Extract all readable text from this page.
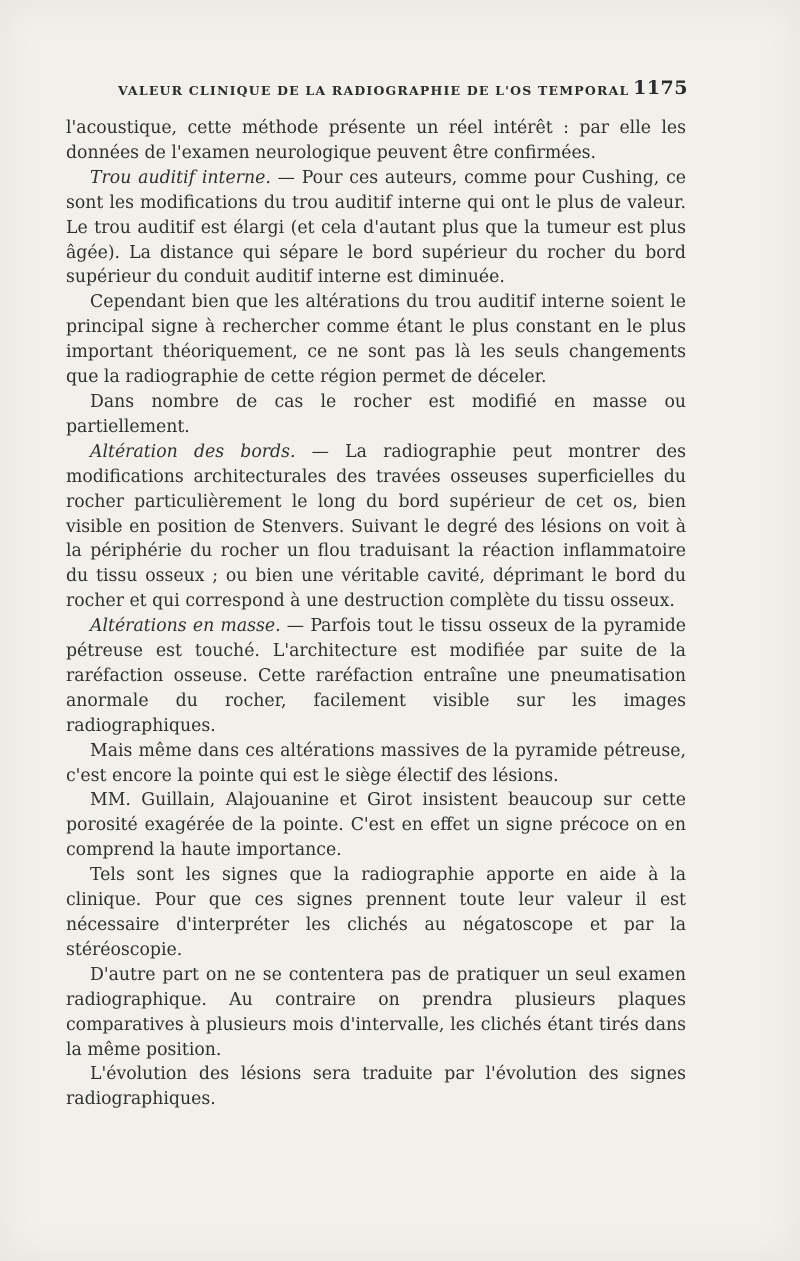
VALEUR CLINIQUE DE LA RADIOGRAPHIE DE L'OS TEMPORAL 1175

l'acoustique, cette méthode présente un réel intérêt : par elle les données de l'examen neurologique peuvent être confirmées.

Trou auditif interne. — Pour ces auteurs, comme pour Cushing, ce sont les modifications du trou auditif interne qui ont le plus de valeur. Le trou auditif est élargi (et cela d'autant plus que la tumeur est plus âgée). La distance qui sépare le bord supérieur du rocher du bord supérieur du conduit auditif interne est diminuée.

Cependant bien que les altérations du trou auditif interne soient le principal signe à rechercher comme étant le plus constant en le plus important théoriquement, ce ne sont pas là les seuls changements que la radiographie de cette région permet de déceler.

Dans nombre de cas le rocher est modifié en masse ou partiellement.

Altération des bords. — La radiographie peut montrer des modifications architecturales des travées osseuses superficielles du rocher particulièrement le long du bord supérieur de cet os, bien visible en position de Stenvers. Suivant le degré des lésions on voit à la périphérie du rocher un flou traduisant la réaction inflammatoire du tissu osseux ; ou bien une véritable cavité, déprimant le bord du rocher et qui correspond à une destruction complète du tissu osseux.

Altérations en masse. — Parfois tout le tissu osseux de la pyramide pétreuse est touché. L'architecture est modifiée par suite de la raréfaction osseuse. Cette raréfaction entraîne une pneumatisation anormale du rocher, facilement visible sur les images radiographiques.

Mais même dans ces altérations massives de la pyramide pétreuse, c'est encore la pointe qui est le siège électif des lésions.

MM. Guillain, Alajouanine et Girot insistent beaucoup sur cette porosité exagérée de la pointe. C'est en effet un signe précoce on en comprend la haute importance.

Tels sont les signes que la radiographie apporte en aide à la clinique. Pour que ces signes prennent toute leur valeur il est nécessaire d'interpréter les clichés au négatoscope et par la stéréoscopie.

D'autre part on ne se contentera pas de pratiquer un seul examen radiographique. Au contraire on prendra plusieurs plaques comparatives à plusieurs mois d'intervalle, les clichés étant tirés dans la même position.

L'évolution des lésions sera traduite par l'évolution des signes radiographiques.
